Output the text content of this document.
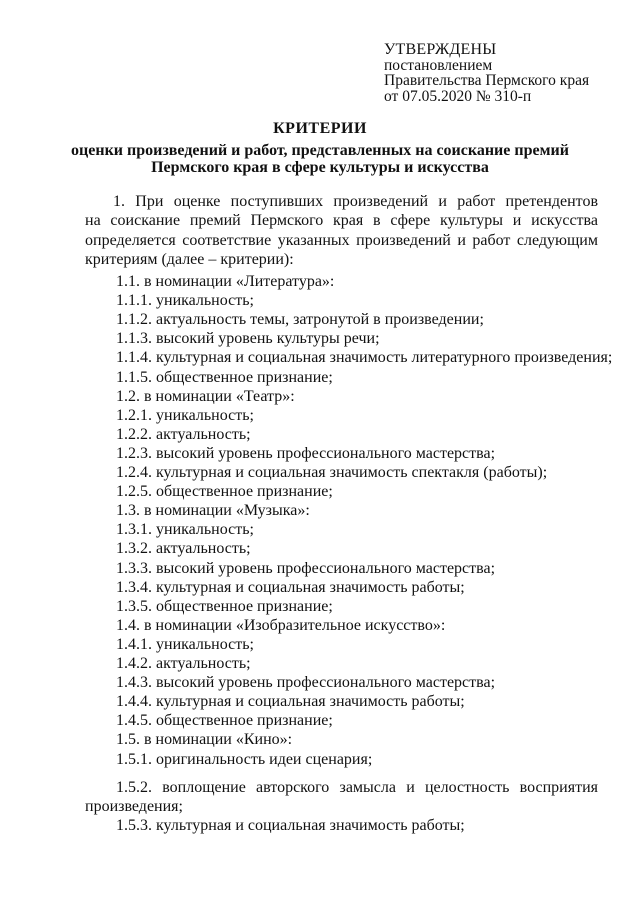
УТВЕРЖДЕНЫ
постановлением
Правительства Пермского края
от 07.05.2020 № 310-п
КРИТЕРИИ
оценки произведений и работ, представленных на соискание премий
Пермского края в сфере культуры и искусства
1. При оценке поступивших произведений и работ претендентов
на соискание премий Пермского края в сфере культуры и искусства
определяется соответствие указанных произведений и работ следующим
критериям (далее – критерии):
1.1. в номинации «Литература»:
1.1.1. уникальность;
1.1.2. актуальность темы, затронутой в произведении;
1.1.3. высокий уровень культуры речи;
1.1.4. культурная и социальная значимость литературного произведения;
1.1.5. общественное признание;
1.2. в номинации «Театр»:
1.2.1. уникальность;
1.2.2. актуальность;
1.2.3. высокий уровень профессионального мастерства;
1.2.4. культурная и социальная значимость спектакля (работы);
1.2.5. общественное признание;
1.3. в номинации «Музыка»:
1.3.1. уникальность;
1.3.2. актуальность;
1.3.3. высокий уровень профессионального мастерства;
1.3.4. культурная и социальная значимость работы;
1.3.5. общественное признание;
1.4. в номинации «Изобразительное искусство»:
1.4.1. уникальность;
1.4.2. актуальность;
1.4.3. высокий уровень профессионального мастерства;
1.4.4. культурная и социальная значимость работы;
1.4.5. общественное признание;
1.5. в номинации «Кино»:
1.5.1. оригинальность идеи сценария;
1.5.2. воплощение авторского замысла и целостность восприятия
произведения;
1.5.3. культурная и социальная значимость работы;
